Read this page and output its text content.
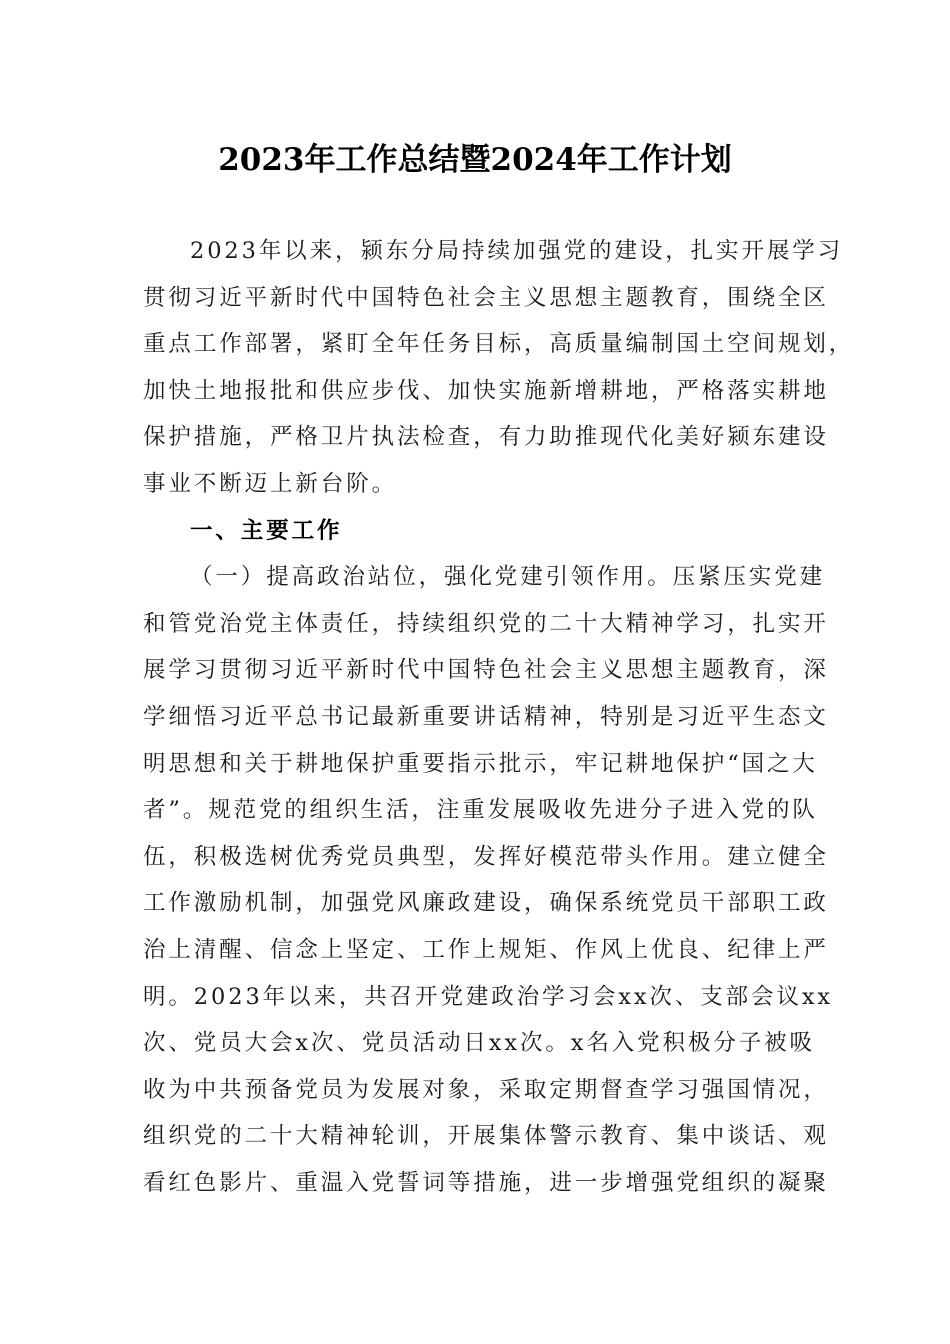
2023年工作总结暨2024年工作计划
2023年以来，颍东分局持续加强党的建设，扎实开展学习
贯彻习近平新时代中国特色社会主义思想主题教育，围绕全区
重点工作部署，紧盯全年任务目标，高质量编制国土空间规划，
加快土地报批和供应步伐、加快实施新增耕地，严格落实耕地
保护措施，严格卫片执法检查，有力助推现代化美好颍东建设
事业不断迈上新台阶。
一、主要工作
（一）提高政治站位，强化党建引领作用。压紧压实党建
和管党治党主体责任，持续组织党的二十大精神学习，扎实开
展学习贯彻习近平新时代中国特色社会主义思想主题教育，深
学细悟习近平总书记最新重要讲话精神，特别是习近平生态文
明思想和关于耕地保护重要指示批示，牢记耕地保护“国之大
者”。规范党的组织生活，注重发展吸收先进分子进入党的队
伍，积极选树优秀党员典型，发挥好模范带头作用。建立健全
工作激励机制，加强党风廉政建设，确保系统党员干部职工政
治上清醒、信念上坚定、工作上规矩、作风上优良、纪律上严
明。2023年以来，共召开党建政治学习会xx次、支部会议xx
次、党员大会x次、党员活动日xx次。x名入党积极分子被吸
收为中共预备党员为发展对象，采取定期督查学习强国情况，
组织党的二十大精神轮训，开展集体警示教育、集中谈话、观
看红色影片、重温入党誓词等措施，进一步增强党组织的凝聚
